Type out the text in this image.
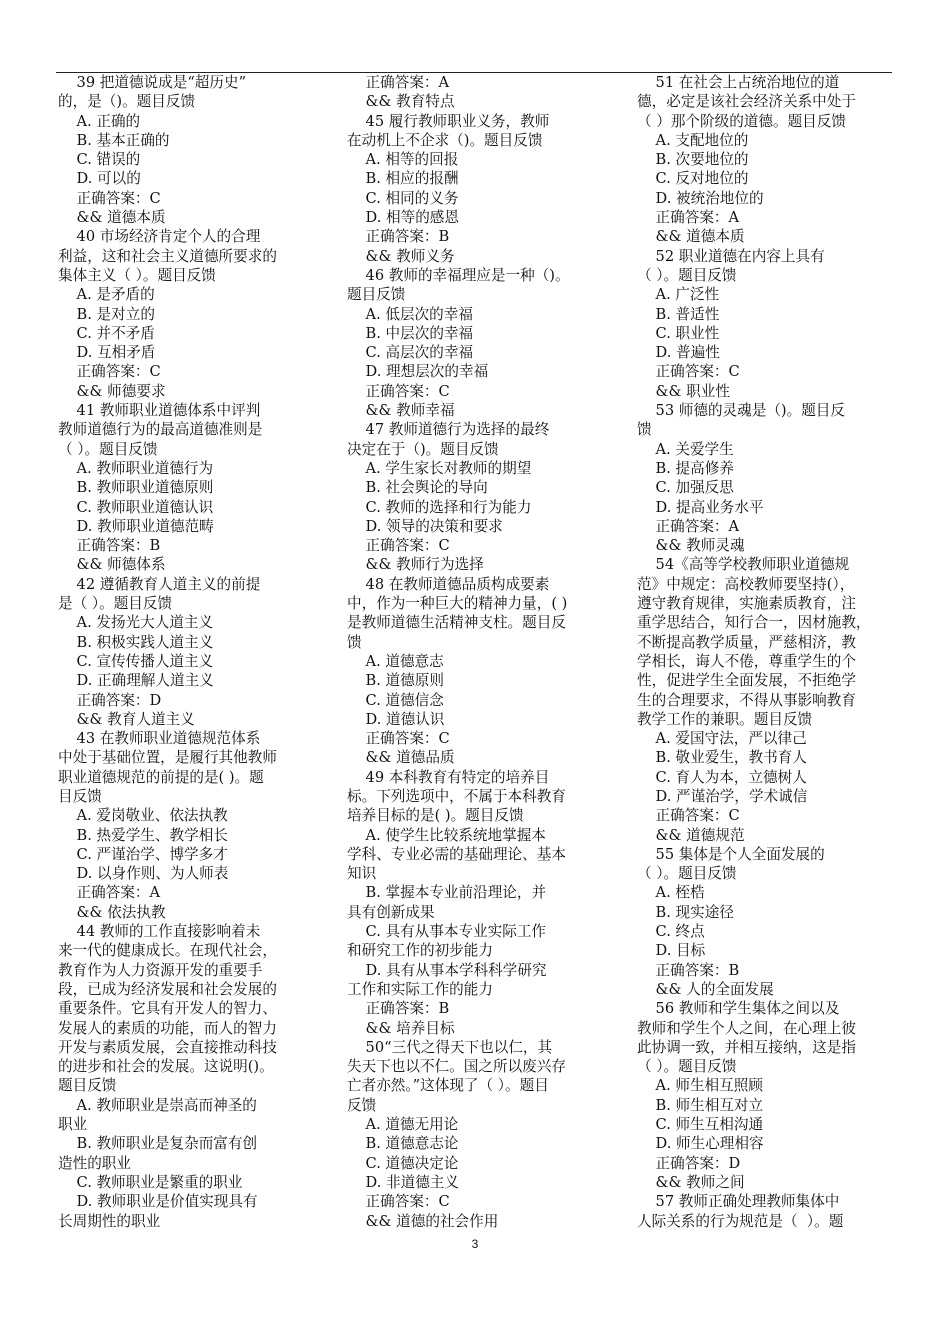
39 把道德说成是“超历史”
的，是（)。题目反馈
A. 正确的
B. 基本正确的
C. 错误的
D. 可以的
正确答案：C
&& 道德本质
40 市场经济肯定个人的合理
利益，这和社会主义道德所要求的
集体主义（ ）。题目反馈
A. 是矛盾的
B. 是对立的
C. 并不矛盾
D. 互相矛盾
正确答案：C
&& 师德要求
41 教师职业道德体系中评判
教师道德行为的最高道德准则是
（ ）。题目反馈
A. 教师职业道德行为
B. 教师职业道德原则
C. 教师职业道德认识
D. 教师职业道德范畴
正确答案：B
&& 师德体系
42 遵循教育人道主义的前提
是（ ）。题目反馈
A. 发扬光大人道主义
B. 积极实践人道主义
C. 宣传传播人道主义
D. 正确理解人道主义
正确答案：D
&& 教育人道主义
43 在教师职业道德规范体系
中处于基础位置，是履行其他教师
职业道德规范的前提的是( )。题
目反馈
A. 爱岗敬业、依法执教
B. 热爱学生、教学相长
C. 严谨治学、博学多才
D. 以身作则、为人师表
正确答案：A
&& 依法执教
44 教师的工作直接影响着未
来一代的健康成长。在现代社会，
教育作为人力资源开发的重要手
段，已成为经济发展和社会发展的
重要条件。它具有开发人的智力、
发展人的素质的功能，而人的智力
开发与素质发展，会直接推动科技
的进步和社会的发展。这说明()。
题目反馈
A. 教师职业是崇高而神圣的
职业
B. 教师职业是复杂而富有创
造性的职业
C. 教师职业是繁重的职业
D. 教师职业是价值实现具有
长周期性的职业
正确答案：A
&& 教育特点
45 履行教师职业义务，教师
在动机上不企求（)。题目反馈
A. 相等的回报
B. 相应的报酬
C. 相同的义务
D. 相等的感恩
正确答案：B
&& 教师义务
46 教师的幸福理应是一种（)。
题目反馈
A. 低层次的幸福
B. 中层次的幸福
C. 高层次的幸福
D. 理想层次的幸福
正确答案：C
&& 教师幸福
47 教师道德行为选择的最终
决定在于（)。题目反馈
A. 学生家长对教师的期望
B. 社会舆论的导向
C. 教师的选择和行为能力
D. 领导的决策和要求
正确答案：C
&& 教师行为选择
48 在教师道德品质构成要素
中，作为一种巨大的精神力量，( )
是教师道德生活精神支柱。题目反
馈
A. 道德意志
B. 道德原则
C. 道德信念
D. 道德认识
正确答案：C
&& 道德品质
49 本科教育有特定的培养目
标。下列选项中，不属于本科教育
培养目标的是( )。题目反馈
A. 使学生比较系统地掌握本
学科、专业必需的基础理论、基本
知识
B. 掌握本专业前沿理论，并
具有创新成果
C. 具有从事本专业实际工作
和研究工作的初步能力
D. 具有从事本学科科学研究
工作和实际工作的能力
正确答案：B
&& 培养目标
50“三代之得天下也以仁，其
失天下也以不仁。国之所以废兴存
亡者亦然。”这体现了（ ）。题目
反馈
A. 道德无用论
B. 道德意志论
C. 道德决定论
D. 非道德主义
正确答案：C
&& 道德的社会作用
51 在社会上占统治地位的道
德，必定是该社会经济关系中处于
（ ）那个阶级的道德。题目反馈
A. 支配地位的
B. 次要地位的
C. 反对地位的
D. 被统治地位的
正确答案：A
&& 道德本质
52 职业道德在内容上具有
（ ）。题目反馈
A. 广泛性
B. 普适性
C. 职业性
D. 普遍性
正确答案：C
&& 职业性
53 师德的灵魂是（)。题目反
馈
A. 关爱学生
B. 提高修养
C. 加强反思
D. 提高业务水平
正确答案：A
&& 教师灵魂
54《高等学校教师职业道德规
范》中规定：高校教师要坚持(），
遵守教育规律，实施素质教育，注
重学思结合，知行合一，因材施教，
不断提高教学质量，严慈相济，教
学相长，诲人不倦，尊重学生的个
性，促进学生全面发展，不拒绝学
生的合理要求，不得从事影响教育
教学工作的兼职。题目反馈
A. 爱国守法，严以律己
B. 敬业爱生，教书育人
C. 育人为本，立德树人
D. 严谨治学，学术诚信
正确答案：C
&& 道德规范
55 集体是个人全面发展的
（ ）。题目反馈
A. 桎梏
B. 现实途径
C. 终点
D. 目标
正确答案：B
&& 人的全面发展
56 教师和学生集体之间以及
教师和学生个人之间，在心理上彼
此协调一致，并相互接纳，这是指
（ ）。题目反馈
A. 师生相互照顾
B. 师生相互对立
C. 师生互相沟通
D. 师生心理相容
正确答案：D
&& 教师之间
57 教师正确处理教师集体中
人际关系的行为规范是（  ）。题
3
